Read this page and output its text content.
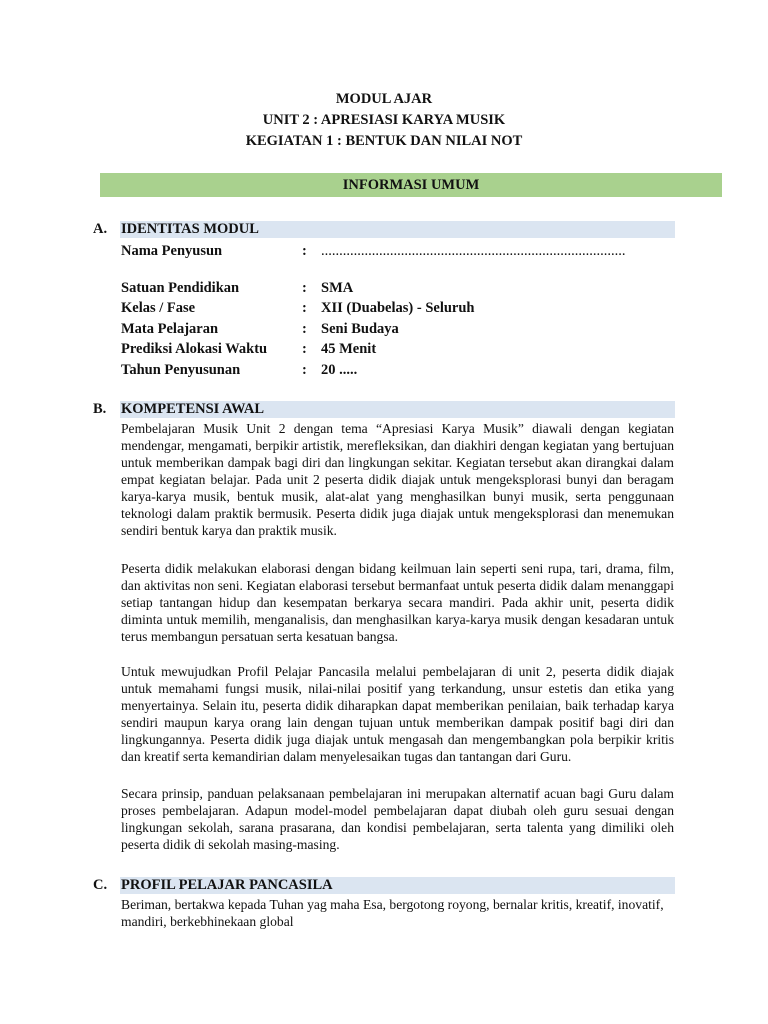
MODUL AJAR
UNIT 2 : APRESIASI KARYA MUSIK
KEGIATAN 1 : BENTUK DAN NILAI NOT
INFORMASI UMUM
A. IDENTITAS MODUL
Nama Penyusun	: ....................................................................................
Satuan Pendidikan	: SMA
Kelas / Fase	: XII (Duabelas) - Seluruh
Mata Pelajaran	: Seni Budaya
Prediksi Alokasi Waktu : 45 Menit
Tahun Penyusunan	: 20 .....
B. KOMPETENSI AWAL

Pembelajaran Musik Unit 2 dengan tema “Apresiasi Karya Musik” diawali dengan kegiatan mendengar, mengamati, berpikir artistik, merefleksikan, dan diakhiri dengan kegiatan yang bertujuan untuk memberikan dampak bagi diri dan lingkungan sekitar. Kegiatan tersebut akan dirangkai dalam empat kegiatan belajar. Pada unit 2 peserta didik diajak untuk mengeksplorasi bunyi dan beragam karya-karya musik, bentuk musik, alat-alat yang menghasilkan bunyi musik, serta penggunaan teknologi dalam praktik bermusik. Peserta didik juga diajak untuk mengeksplorasi dan menemukan sendiri bentuk karya dan praktik musik.

Peserta didik melakukan elaborasi dengan bidang keilmuan lain seperti seni rupa, tari, drama, film, dan aktivitas non seni. Kegiatan elaborasi tersebut bermanfaat untuk peserta didik dalam menanggapi setiap tantangan hidup dan kesempatan berkarya secara mandiri. Pada akhir unit, peserta didik diminta untuk memilih, menganalisis, dan menghasilkan karya-karya musik dengan kesadaran untuk terus membangun persatuan serta kesatuan bangsa.

Untuk mewujudkan Profil Pelajar Pancasila melalui pembelajaran di unit 2, peserta didik diajak untuk memahami fungsi musik, nilai-nilai positif yang terkandung, unsur estetis dan etika yang menyertainya. Selain itu, peserta didik diharapkan dapat memberikan penilaian, baik terhadap karya sendiri maupun karya orang lain dengan tujuan untuk memberikan dampak positif bagi diri dan lingkungannya. Peserta didik juga diajak untuk mengasah dan mengembangkan pola berpikir kritis dan kreatif serta kemandirian dalam menyelesaikan tugas dan tantangan dari Guru.

Secara prinsip, panduan pelaksanaan pembelajaran ini merupakan alternatif acuan bagi Guru dalam proses pembelajaran. Adapun model-model pembelajaran dapat diubah oleh guru sesuai dengan lingkungan sekolah, sarana prasarana, dan kondisi pembelajaran, serta talenta yang dimiliki oleh peserta didik di sekolah masing-masing.

C. PROFIL PELAJAR PANCASILA

Beriman, bertakwa kepada Tuhan yag maha Esa, bergotong royong, bernalar kritis, kreatif, inovatif, mandiri, berkebhinekaan global
